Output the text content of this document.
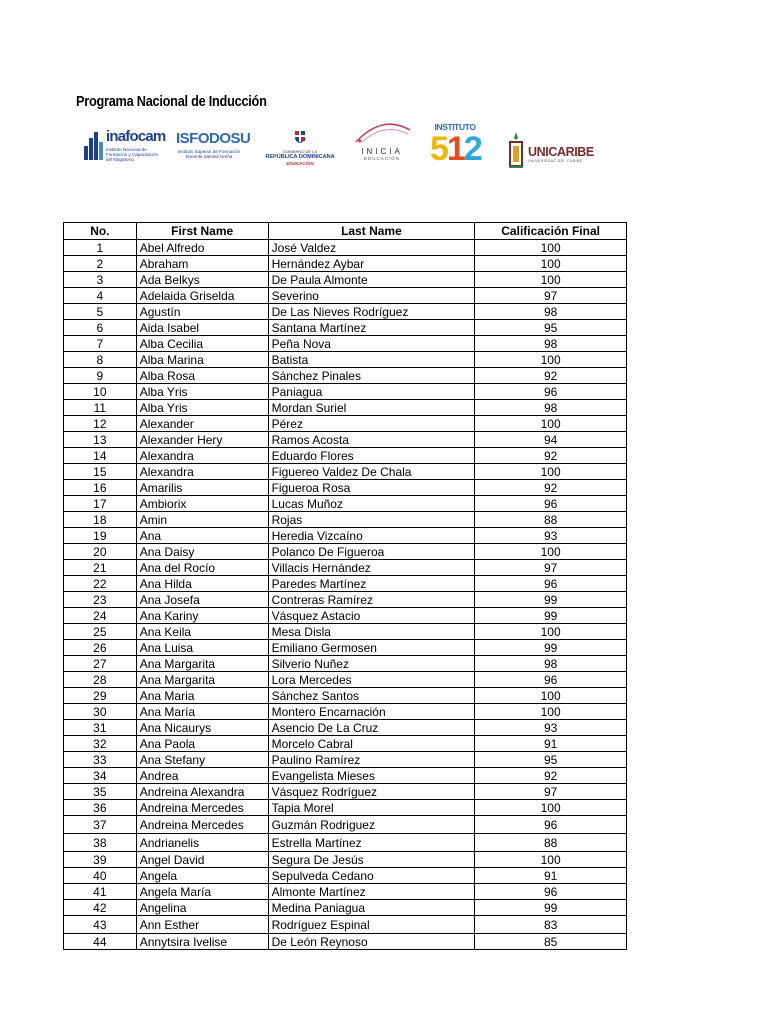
Programa Nacional de Inducción
inafocam
Instituto Nacional de Formación y Capacitación del Magisterio
ISFODOSU
Instituto Superior de Formación Docente Salomé Ureña
GOBIERNO DE LA
REPÚBLICA DOMINICANA
EDUCACIÓN
INICIA
EDUCACIÓN
INSTITUTO
512	UNICARIBE
UNIVERSIDAD DEL CARIBE
No.	First Name	Last Name	Calificación Final
1	Abel Alfredo	José Valdez	100
2	Abraham	Hernández Aybar	100
3	Ada Belkys	De Paula Almonte	100
4	Adelaida Griselda	Severino	97
5	Agustín	De Las Nieves Rodríguez	98
6	Aida Isabel	Santana Martínez	95
7	Alba Cecilia	Peña Nova	98
8	Alba Marina	Batista	100
9	Alba Rosa	Sánchez Pinales	92
10	Alba Yris	Paniagua	96
11	Alba Yris	Mordan Suriel	98
12	Alexander	Pérez	100
13	Alexander Hery	Ramos Acosta	94
14	Alexandra	Eduardo Flores	92
15	Alexandra	Figuereo Valdez De Chala	100
16	Amarilis	Figueroa Rosa	92
17	Ambiorix	Lucas Muñoz	96
18	Amin	Rojas	88
19	Ana	Heredia Vizcaíno	93
20	Ana Daisy	Polanco De Figueroa	100
21	Ana del Rocío	Villacis Hernández	97
22	Ana Hilda	Paredes Martínez	96
23	Ana Josefa	Contreras Ramírez	99
24	Ana Kariny	Vásquez Astacio	99
25	Ana Keila	Mesa Disla	100
26	Ana Luisa	Emiliano Germosen	99
27	Ana Margarita	Silverio Nuñez	98
28	Ana Margarita	Lora Mercedes	96
29	Ana Maria	Sánchez Santos	100
30	Ana María	Montero Encarnación	100
31	Ana Nicaurys	Asencio De La Cruz	93
32	Ana Paola	Morcelo Cabral	91
33	Ana Stefany	Paulino Ramírez	95
34	Andrea	Evangelista Mieses	92
35	Andreina Alexandra	Vásquez Rodríguez	97
36	Andreina Mercedes	Tapia Morel	100
37	Andreina Mercedes	Guzmán Rodriguez	96
38	Andrianelis	Estrella Martínez	88
39	Angel David	Segura De Jesús	100
40	Angela	Sepulveda Cedano	91
41	Angela María	Almonte Martínez	96
42	Angelina	Medina Paniagua	99
43	Ann Esther	Rodríguez Espinal	83
44	Annytsira Ivelise	De León Reynoso	85
